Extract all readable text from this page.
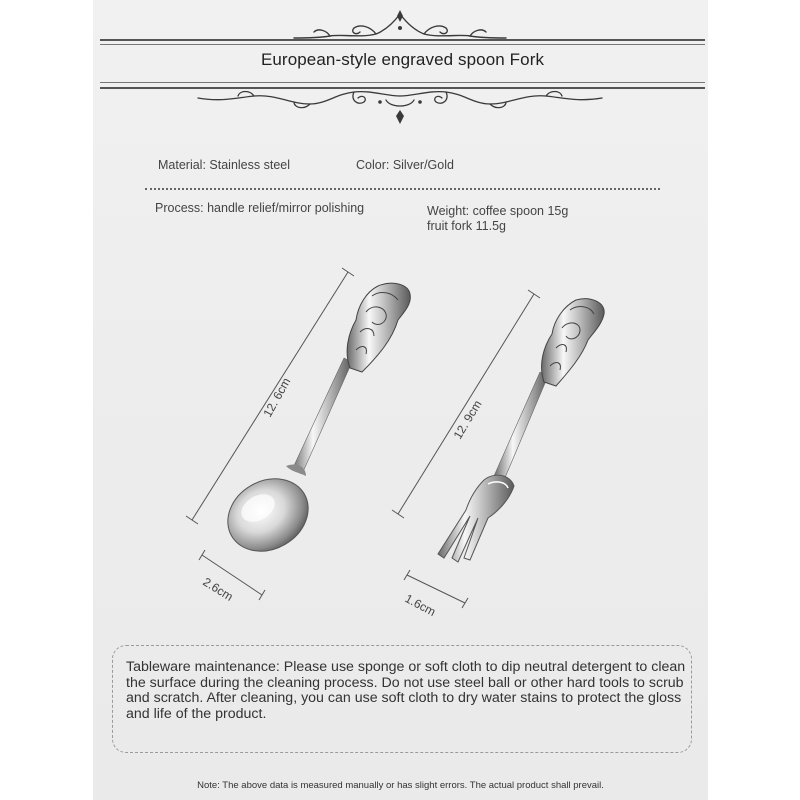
European-style engraved spoon Fork
Material: Stainless steel	Color: Silver/Gold
Process: handle relief/mirror polishing	Weight: coffee spoon 15g
fruit fork 11.5g
12. 6cm
2.6cm
12. 9cm
1.6cm
Tableware maintenance: Please use sponge or soft cloth to dip neutral detergent to clean the surface during the cleaning process. Do not use steel ball or other hard tools to scrub and scratch. After cleaning, you can use soft cloth to dry water stains to protect the gloss and life of the product.
Note: The above data is measured manually or has slight errors. The actual product shall prevail.
